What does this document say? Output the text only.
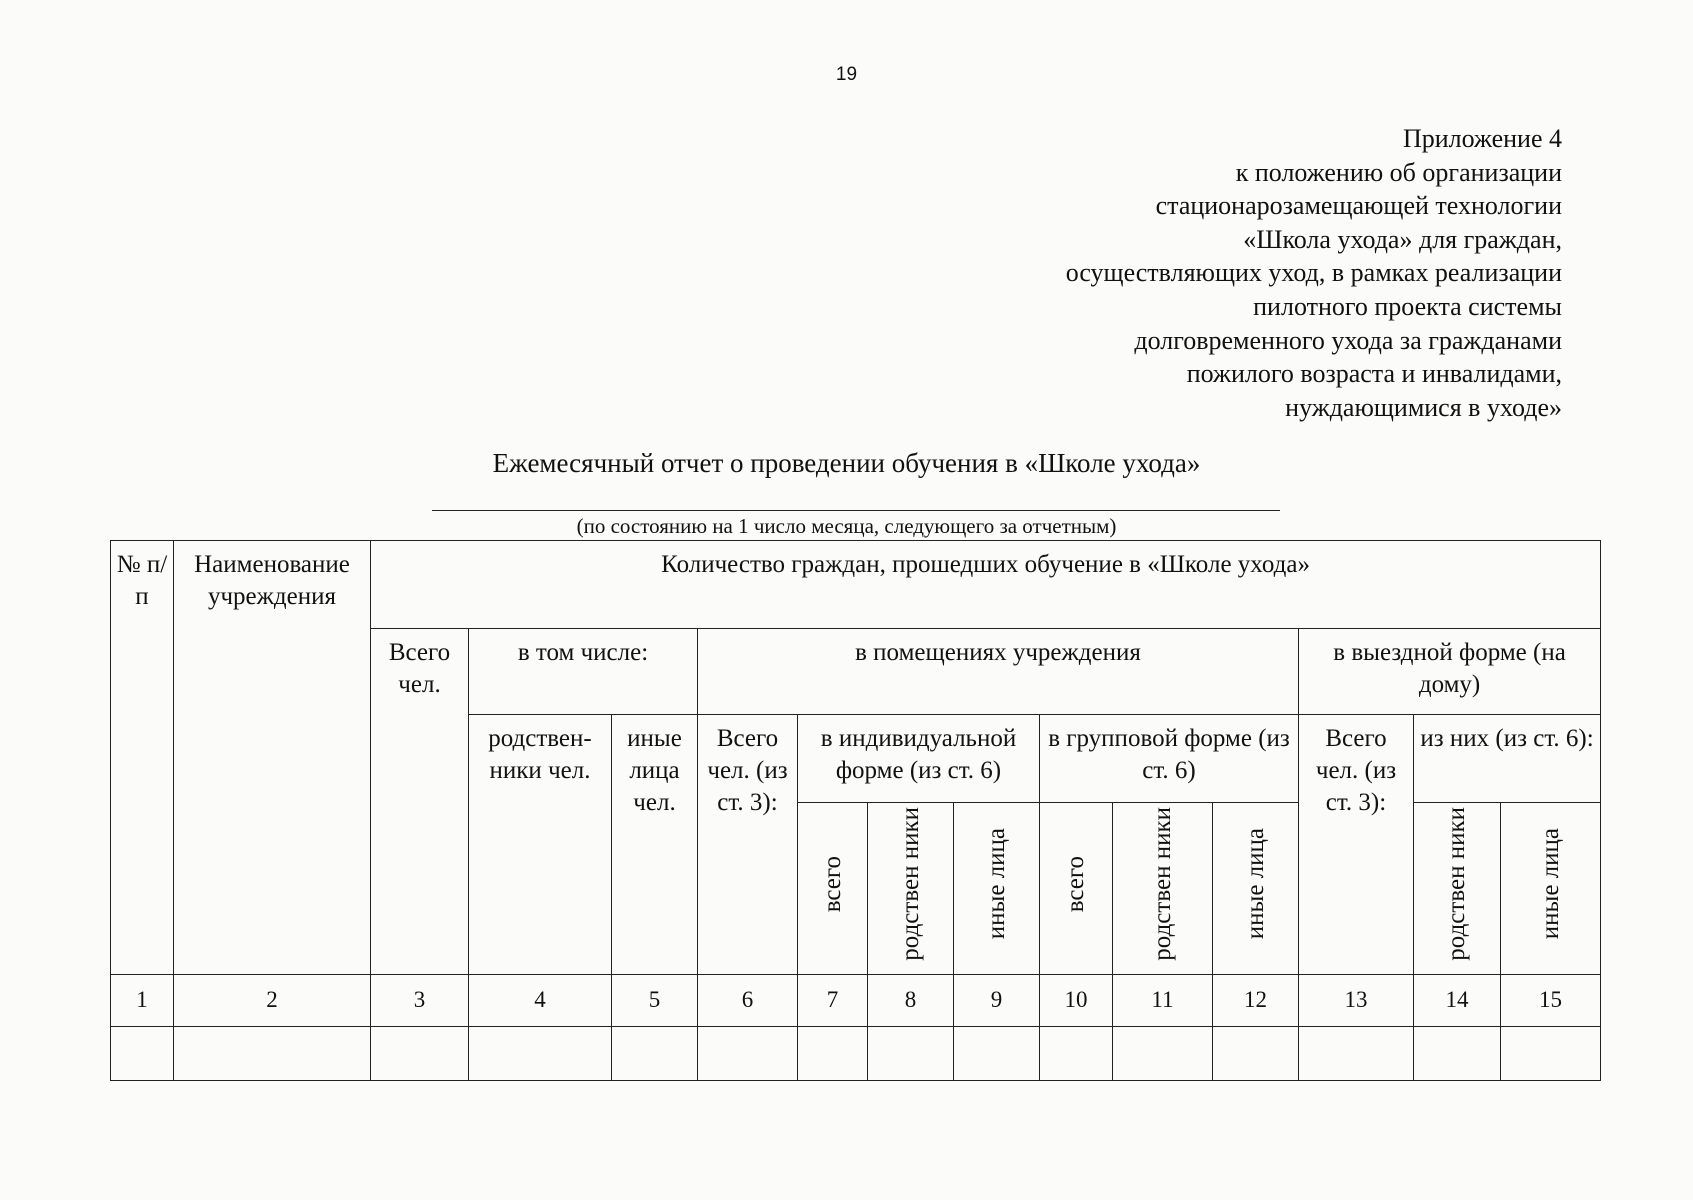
19
Приложение 4
к положению об организации
стационарозамещающей технологии
«Школа ухода» для граждан,
осуществляющих уход, в рамках реализации
пилотного проекта системы
долговременного ухода за гражданами
пожилого возраста и инвалидами,
нуждающимися в уходе»
Ежемесячный отчет о проведении обучения в «Школе ухода»
(по состоянию на 1 число месяца, следующего за отчетным)
№ п/п	Наименование учреждения	Количество граждан, прошедших обучение в «Школе ухода»												
		Всего чел.	в том числе:		в помещениях учреждения							в выездной форме (на дому)		
			родствен-ники чел.	иные лица чел.	Всего чел. (из ст. 3):	в индивидуальной форме (из ст. 6)			в групповой форме (из ст. 6)			Всего чел. (из ст. 3):	из них (из ст. 6):	
						всего	родствен ники	иные лица	всего	родствен ники	иные лица		родствен ники	иные лица
1	2	3	4	5	6	7	8	9	10	11	12	13	14	15
